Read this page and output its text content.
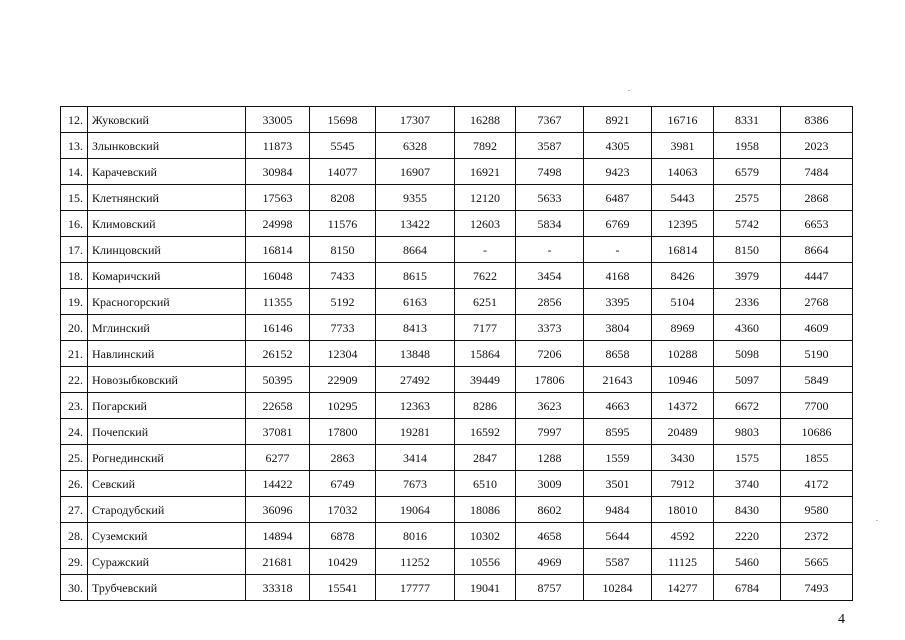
12.	Жуковский	33005	15698	17307	16288	7367	8921	16716	8331	8386
13.	Злынковский	11873	5545	6328	7892	3587	4305	3981	1958	2023
14.	Карачевский	30984	14077	16907	16921	7498	9423	14063	6579	7484
15.	Клетнянский	17563	8208	9355	12120	5633	6487	5443	2575	2868
16.	Климовский	24998	11576	13422	12603	5834	6769	12395	5742	6653
17.	Клинцовский	16814	8150	8664	-	-	-	16814	8150	8664
18.	Комаричский	16048	7433	8615	7622	3454	4168	8426	3979	4447
19.	Красногорский	11355	5192	6163	6251	2856	3395	5104	2336	2768
20.	Мглинский	16146	7733	8413	7177	3373	3804	8969	4360	4609
21.	Навлинский	26152	12304	13848	15864	7206	8658	10288	5098	5190
22.	Новозыбковский	50395	22909	27492	39449	17806	21643	10946	5097	5849
23.	Погарский	22658	10295	12363	8286	3623	4663	14372	6672	7700
24.	Почепский	37081	17800	19281	16592	7997	8595	20489	9803	10686
25.	Рогнединский	6277	2863	3414	2847	1288	1559	3430	1575	1855
26.	Севский	14422	6749	7673	6510	3009	3501	7912	3740	4172
27.	Стародубский	36096	17032	19064	18086	8602	9484	18010	8430	9580
28.	Суземский	14894	6878	8016	10302	4658	5644	4592	2220	2372
29.	Суражский	21681	10429	11252	10556	4969	5587	11125	5460	5665
30.	Трубчевский	33318	15541	17777	19041	8757	10284	14277	6784	7493
4
